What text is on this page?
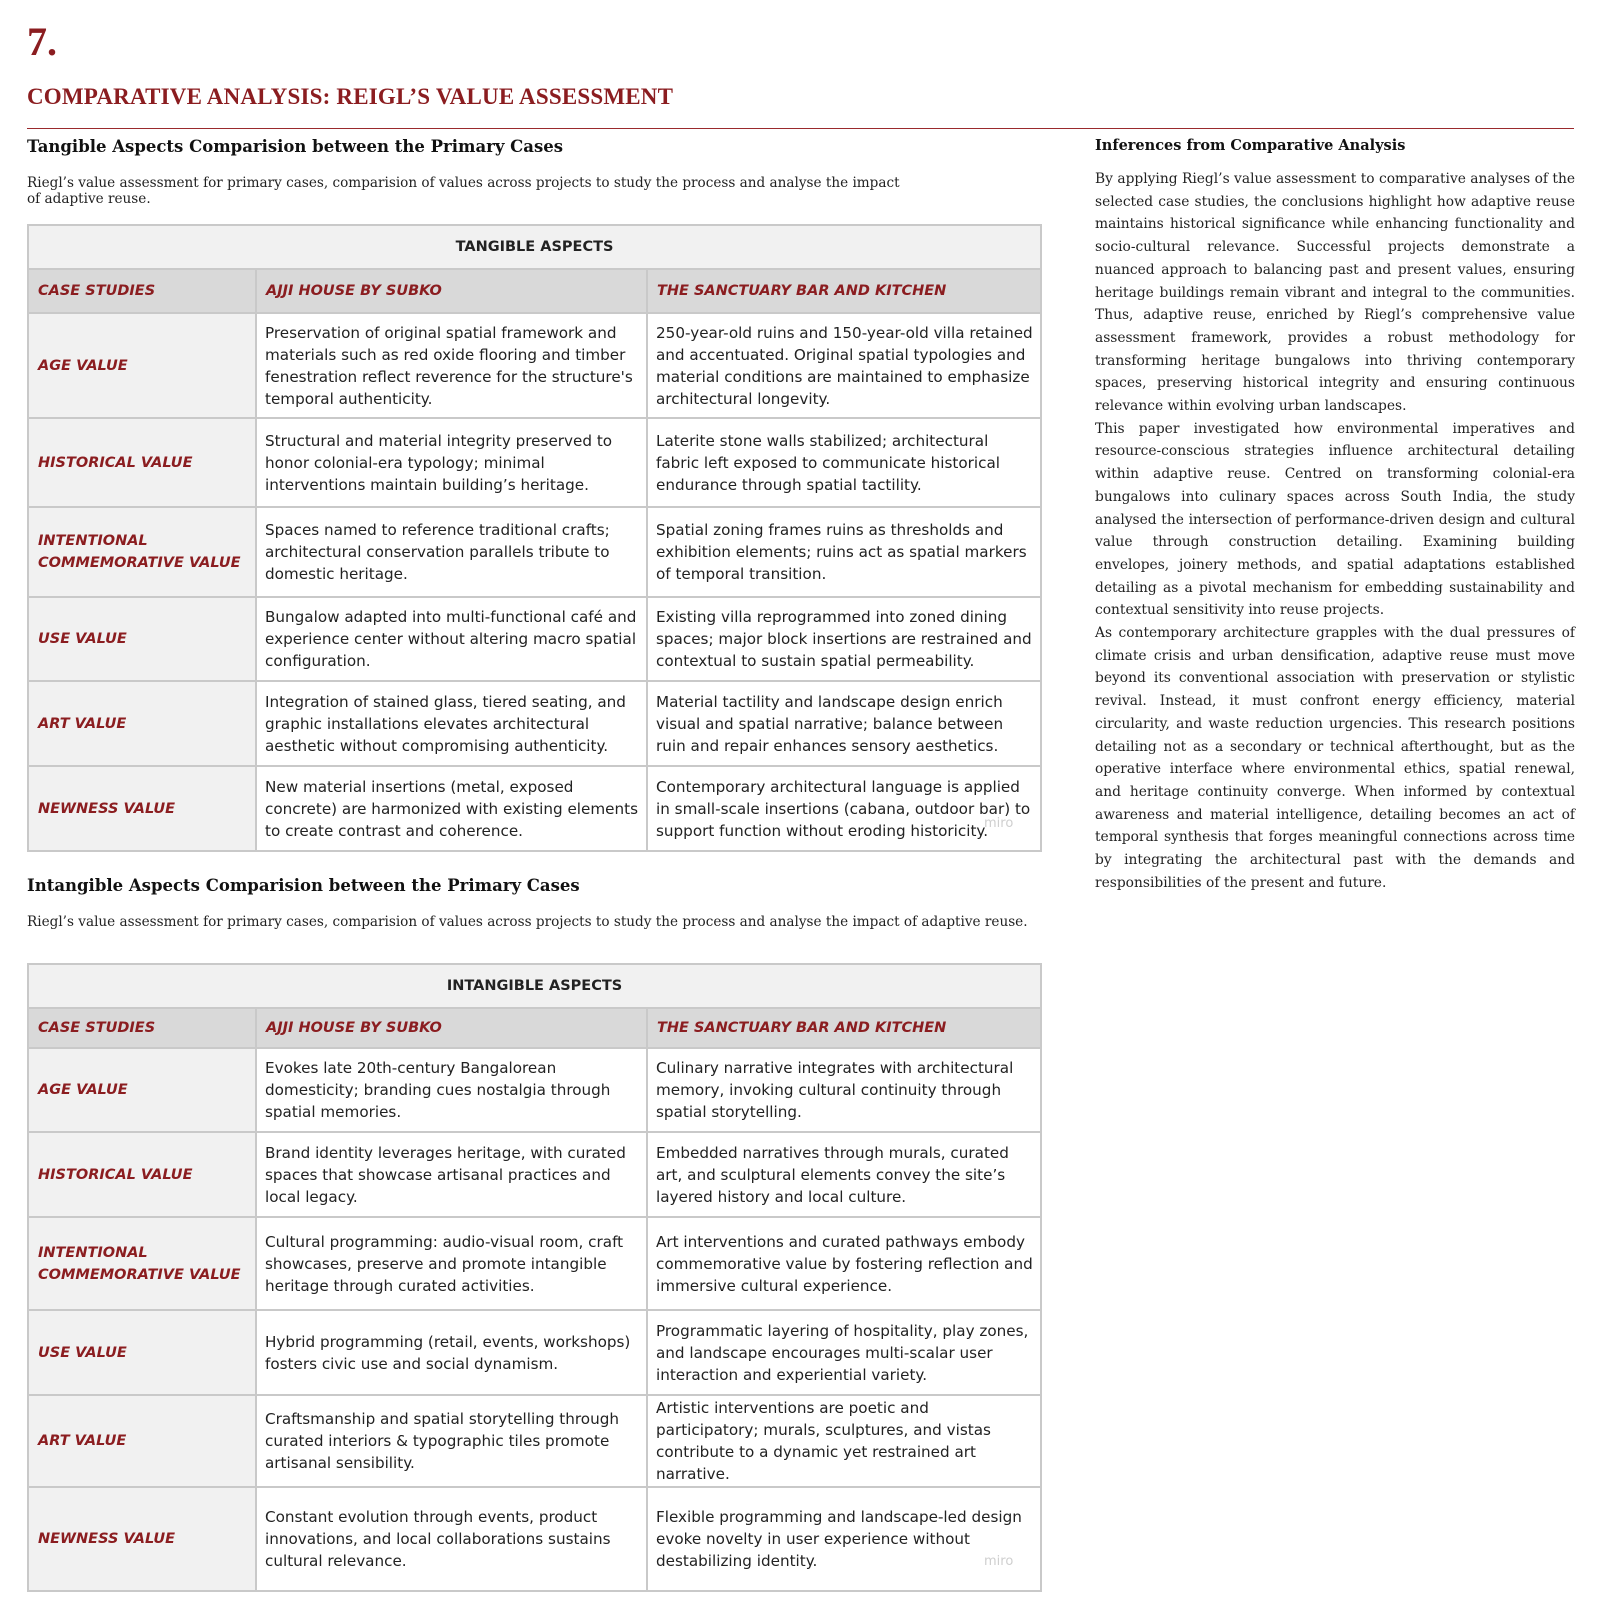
7.
COMPARATIVE ANALYSIS: REIGL’S VALUE ASSESSMENT
Tangible Aspects Comparision between the Primary Cases
Riegl’s value assessment for primary cases, comparision of values across projects to study the process and analyse the impact of adaptive reuse.
TANGIBLE ASPECTS		
CASE STUDIES	AJJI HOUSE BY SUBKO	THE SANCTUARY BAR AND KITCHEN
AGE VALUE	Preservation of original spatial framework and materials such as red oxide flooring and timber fenestration reflect reverence for the structure's temporal authenticity.	250-year-old ruins and 150-year-old villa retained and accentuated. Original spatial typologies and material conditions are maintained to emphasize architectural longevity.
HISTORICAL VALUE	Structural and material integrity preserved to honor colonial-era typology; minimal interventions maintain building’s heritage.	Laterite stone walls stabilized; architectural fabric left exposed to communicate historical endurance through spatial tactility.
INTENTIONAL COMMEMORATIVE VALUE	Spaces named to reference traditional crafts; architectural conservation parallels tribute to domestic heritage.	Spatial zoning frames ruins as thresholds and exhibition elements; ruins act as spatial markers of temporal transition.
USE VALUE	Bungalow adapted into multi-functional café and experience center without altering macro spatial configuration.	Existing villa reprogrammed into zoned dining spaces; major block insertions are restrained and contextual to sustain spatial permeability.
ART VALUE	Integration of stained glass, tiered seating, and graphic installations elevates architectural aesthetic without compromising authenticity.	Material tactility and landscape design enrich visual and spatial narrative; balance between ruin and repair enhances sensory aesthetics.
NEWNESS VALUE	New material insertions (metal, exposed concrete) are harmonized with existing elements to create contrast and coherence.	Contemporary architectural language is applied in small-scale insertions (cabana, outdoor bar) to support function without eroding historicity.
miro
Intangible Aspects Comparision between the Primary Cases
Riegl’s value assessment for primary cases, comparision of values across projects to study the process and analyse the impact of adaptive reuse.
INTANGIBLE ASPECTS		
CASE STUDIES	AJJI HOUSE BY SUBKO	THE SANCTUARY BAR AND KITCHEN
AGE VALUE	Evokes late 20th-century Bangalorean domesticity; branding cues nostalgia through spatial memories.	Culinary narrative integrates with architectural memory, invoking cultural continuity through spatial storytelling.
HISTORICAL VALUE	Brand identity leverages heritage, with curated spaces that showcase artisanal practices and local legacy.	Embedded narratives through murals, curated art, and sculptural elements convey the site’s layered history and local culture.
INTENTIONAL COMMEMORATIVE VALUE	Cultural programming: audio-visual room, craft showcases, preserve and promote intangible heritage through curated activities.	Art interventions and curated pathways embody commemorative value by fostering reflection and immersive cultural experience.
USE VALUE	Hybrid programming (retail, events, workshops) fosters civic use and social dynamism.	Programmatic layering of hospitality, play zones, and landscape encourages multi-scalar user interaction and experiential variety.
ART VALUE	Craftsmanship and spatial storytelling through curated interiors & typographic tiles promote artisanal sensibility.	Artistic interventions are poetic and participatory; murals, sculptures, and vistas contribute to a dynamic yet restrained art narrative.
NEWNESS VALUE	Constant evolution through events, product innovations, and local collaborations sustains cultural relevance.	Flexible programming and landscape-led design evoke novelty in user experience without destabilizing identity.	miro
Inferences from Comparative Analysis

By applying Riegl’s value assessment to comparative analyses of the selected case studies, the conclusions highlight how adaptive reuse maintains historical significance while enhancing functionality and socio-cultural relevance. Successful projects demonstrate a nuanced approach to balancing past and present values, ensuring heritage buildings remain vibrant and integral to the communities. Thus, adaptive reuse, enriched by Riegl’s comprehensive value assessment framework, provides a robust methodology for transforming heritage bungalows into thriving contemporary spaces, preserving historical integrity and ensuring continuous relevance within evolving urban landscapes.

This paper investigated how environmental imperatives and resource-conscious strategies influence architectural detailing within adaptive reuse. Centred on transforming colonial-era bungalows into culinary spaces across South India, the study analysed the intersection of performance-driven design and cultural value through construction detailing. Examining building envelopes, joinery methods, and spatial adaptations established detailing as a pivotal mechanism for embedding sustainability and contextual sensitivity into reuse projects.

As contemporary architecture grapples with the dual pressures of climate crisis and urban densification, adaptive reuse must move beyond its conventional association with preservation or stylistic revival. Instead, it must confront energy efficiency, material circularity, and waste reduction urgencies. This research positions detailing not as a secondary or technical afterthought, but as the operative interface where environmental ethics, spatial renewal, and heritage continuity converge. When informed by contextual awareness and material intelligence, detailing becomes an act of temporal synthesis that forges meaningful connections across time by integrating the architectural past with the demands and responsibilities of the present and future.
